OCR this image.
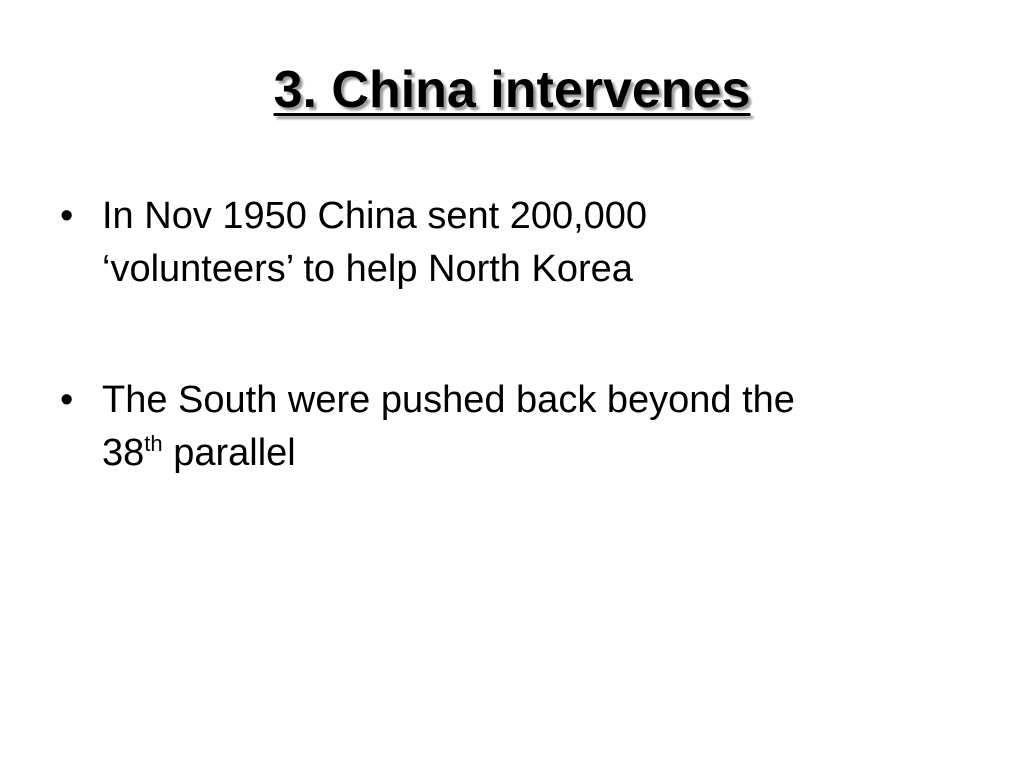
3. China intervenes
• In Nov 1950 China sent 200,000
‘volunteers’ to help North Korea
• The South were pushed back beyond the
38th parallel
